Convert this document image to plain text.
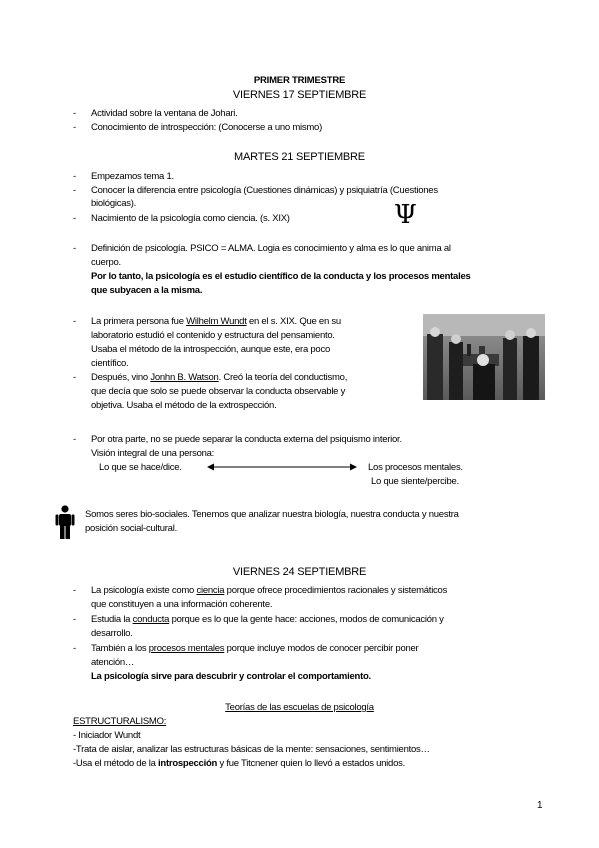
PRIMER TRIMESTRE
VIERNES 17 SEPTIEMBRE
- Actividad sobre la ventana de Johari.
- Conocimiento de introspección: (Conocerse a uno mismo)
MARTES 21 SEPTIEMBRE
- Empezamos tema 1.
- Conocer la diferencia entre psicología (Cuestiones dinámicas) y psiquiatría (Cuestiones
biológicas).
- Nacimiento de la psicología como ciencia. (s. XIX)	Ψ
- Definición de psicología. PSICO = ALMA. Logia es conocimiento y alma es lo que anima al
cuerpo.
Por lo tanto, la psicología es el estudio científico de la conducta y los procesos mentales
que subyacen a la misma.
- La primera persona fue Wilhelm Wundt en el s. XIX. Que en su
laboratorio estudió el contenido y estructura del pensamiento.
Usaba el método de la introspección, aunque este, era poco
científico.
- Después, vino Jonhn B. Watson. Creó la teoría del conductismo,
que decía que solo se puede observar la conducta observable y
objetiva. Usaba el método de la extrospección.
- Por otra parte, no se puede separar la conducta externa del psiquismo interior.
Visión integral de una persona:
Lo que se hace/dice.	Los procesos mentales.
Lo que siente/percibe.
Somos seres bio-sociales. Tenemos que analizar nuestra biología, nuestra conducta y nuestra
posición social-cultural.
VIERNES 24 SEPTIEMBRE
- La psicología existe como ciencia porque ofrece procedimientos racionales y sistemáticos
que constituyen a una información coherente.
- Estudia la conducta porque es lo que la gente hace: acciones, modos de comunicación y
desarrollo.
- También a los procesos mentales porque incluye modos de conocer percibir poner
atención…
La psicología sirve para descubrir y controlar el comportamiento.
Teorías de las escuelas de psicología
ESTRUCTURALISMO:
- Iniciador Wundt
-Trata de aislar, analizar las estructuras básicas de la mente: sensaciones, sentimientos…
-Usa el método de la introspección y fue Titcnener quien lo llevó a estados unidos.
1
